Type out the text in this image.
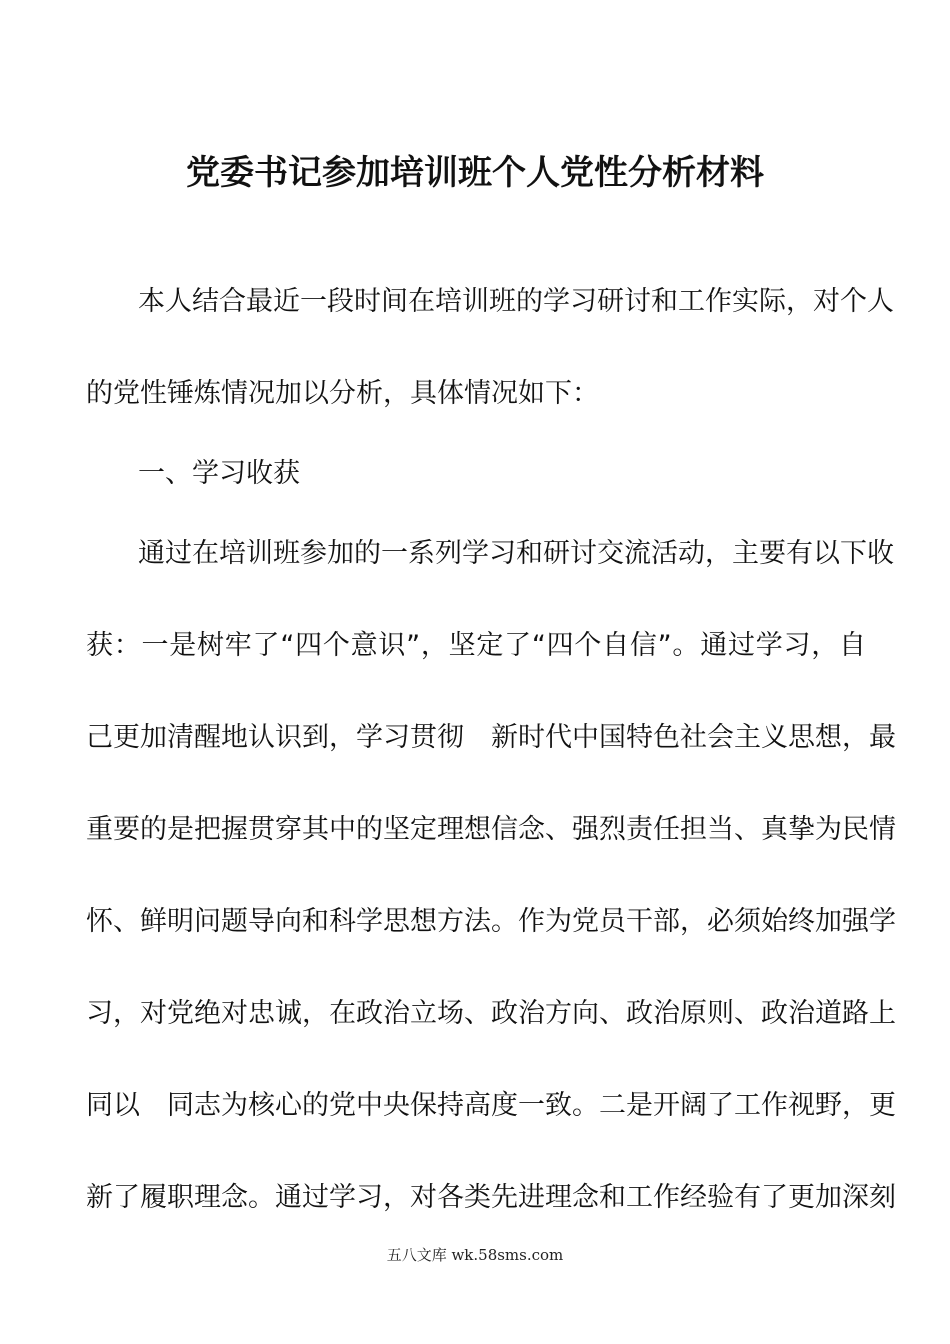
党委书记参加培训班个人党性分析材料
本人结合最近一段时间在培训班的学习研讨和工作实际，对个人
的党性锤炼情况加以分析，具体情况如下：
一、学习收获
通过在培训班参加的一系列学习和研讨交流活动，主要有以下收
获：一是树牢了“四个意识”，坚定了“四个自信”。通过学习，自
己更加清醒地认识到，学习贯彻　新时代中国特色社会主义思想，最
重要的是把握贯穿其中的坚定理想信念、强烈责任担当、真挚为民情
怀、鲜明问题导向和科学思想方法。作为党员干部，必须始终加强学
习，对党绝对忠诚，在政治立场、政治方向、政治原则、政治道路上
同以　同志为核心的党中央保持高度一致。二是开阔了工作视野，更
新了履职理念。通过学习，对各类先进理念和工作经验有了更加深刻
五八文库 wk.58sms.com
